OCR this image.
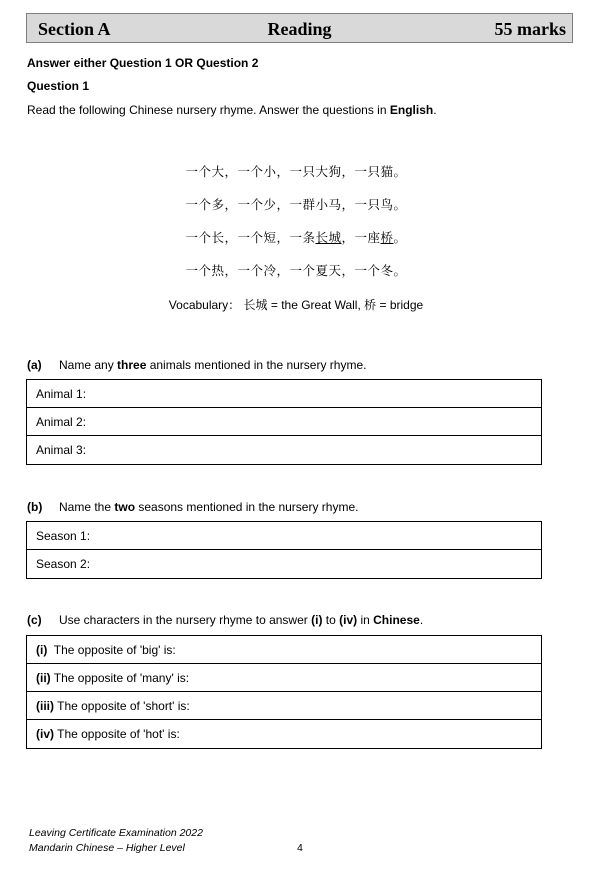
Section A	Reading	55 marks
Answer either Question 1 OR Question 2
Question 1
Read the following Chinese nursery rhyme. Answer the questions in English.
一个大，一个小，一只大狗，一只猫。
一个多，一个少，一群小马，一只鸟。
一个长，一个短，一条长城，一座桥。
一个热，一个冷，一个夏天，一个冬。
Vocabulary： 长城 = the Great Wall, 桥 = bridge
(a) Name any three animals mentioned in the nursery rhyme.
Animal 1:
Animal 2:
Animal 3:
(b) Name the two seasons mentioned in the nursery rhyme.
Season 1:
Season 2:
(c) Use characters in the nursery rhyme to answer (i) to (iv) in Chinese.
(i)  The opposite of 'big' is:
(ii) The opposite of 'many' is:
(iii) The opposite of 'short' is:
(iv) The opposite of 'hot' is:
Leaving Certificate Examination 2022
Mandarin Chinese – Higher Level	4
